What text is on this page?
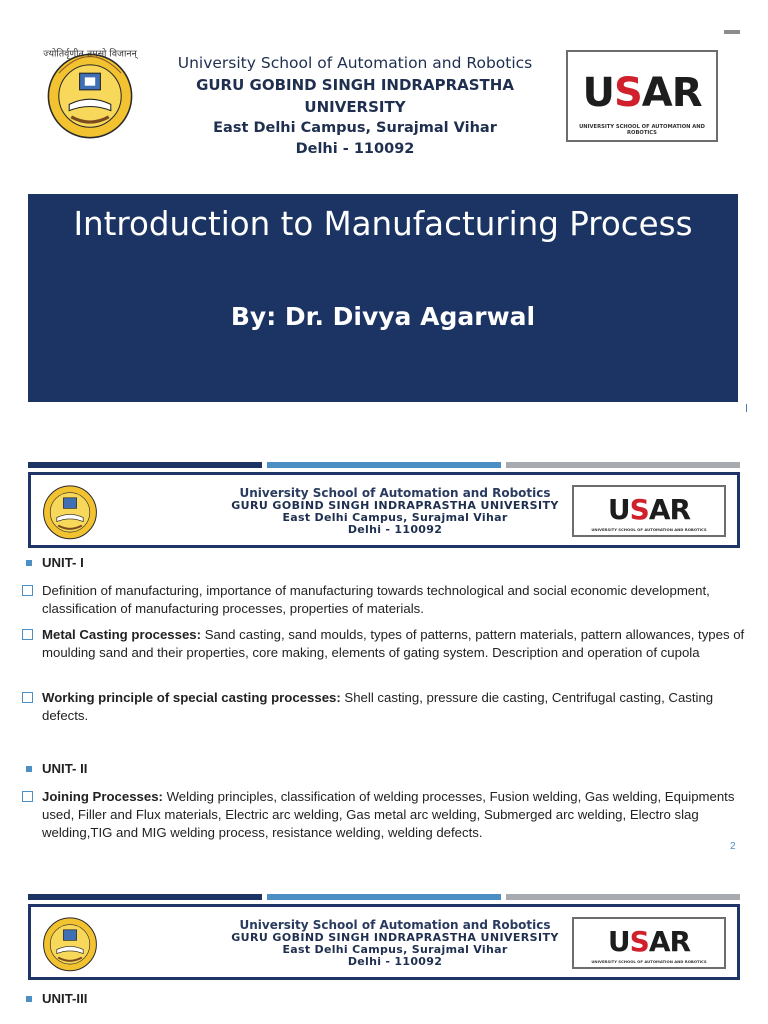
ज्योतिर्वृणीत तमसो विजानन्	University School of Automation and Robotics
GURU GOBIND SINGH INDRAPRASTHA UNIVERSITY
East Delhi Campus, Surajmal Vihar
Delhi - 110092
USAR
UNIVERSITY SCHOOL OF AUTOMATION AND ROBOTICS
Introduction to Manufacturing Process
By: Dr. Divya Agarwal
University School of Automation and Robotics
GURU GOBIND SINGH INDRAPRASTHA UNIVERSITY
East Delhi Campus, Surajmal Vihar
Delhi - 110092
USAR
UNIVERSITY SCHOOL OF AUTOMATION AND ROBOTICS
UNIT- I
Definition of manufacturing, importance of manufacturing towards technological and social economic development, classification of manufacturing processes, properties of materials.
Metal Casting processes: Sand casting, sand moulds, types of patterns, pattern materials, pattern allowances, types of moulding sand and their properties, core making, elements of gating system. Description and operation of cupola
Working principle of special casting processes: Shell casting, pressure die casting, Centrifugal casting, Casting defects.
UNIT- II
Joining Processes: Welding principles, classification of welding processes, Fusion welding, Gas welding, Equipments used, Filler and Flux materials, Electric arc welding, Gas metal arc welding, Submerged arc welding, Electro slag welding,TIG and MIG welding process, resistance welding, welding defects.
2
University School of Automation and Robotics
GURU GOBIND SINGH INDRAPRASTHA UNIVERSITY
East Delhi Campus, Surajmal Vihar
Delhi - 110092
USAR
UNIVERSITY SCHOOL OF AUTOMATION AND ROBOTICS
UNIT-III
